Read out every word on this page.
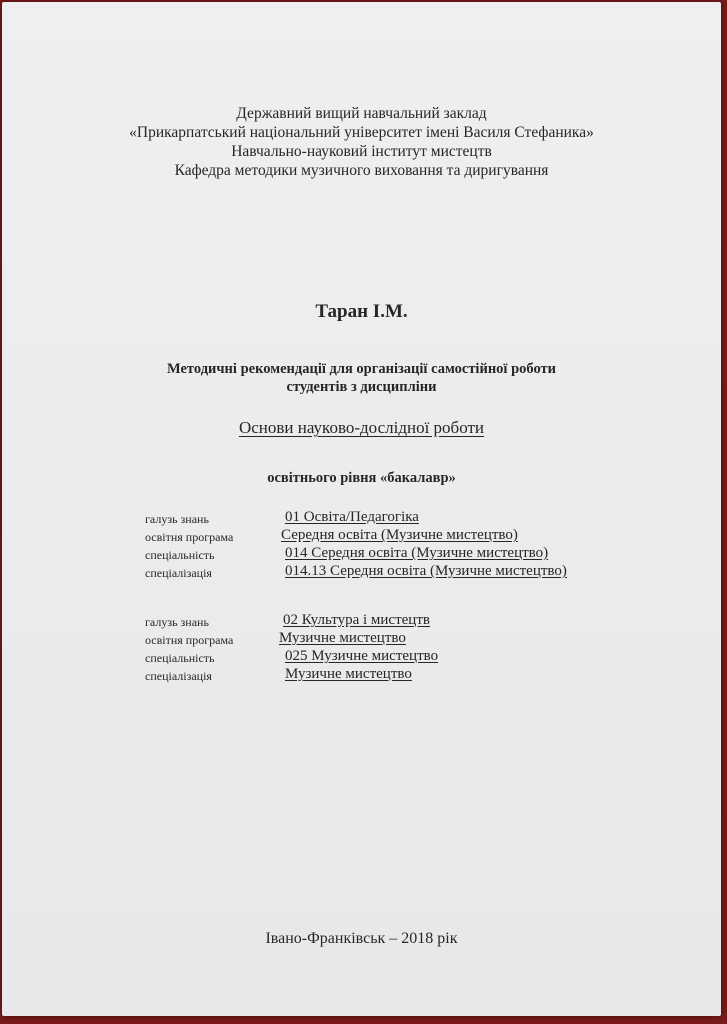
Державний вищий навчальний заклад
«Прикарпатський національний університет імені Василя Стефаника»
Навчально-науковий інститут мистецтв
Кафедра методики музичного виховання та диригування
Таран І.М.
Методичні рекомендації для організації самостійної роботи
студентів з дисципліни
Основи науково-дослідної роботи
освітнього рівня «бакалавр»
галузь знань	01 Освіта/Педагогіка
освітня програма	Середня освіта (Музичне мистецтво)
спеціальність	014 Середня освіта (Музичне мистецтво)
спеціалізація	014.13 Середня освіта (Музичне мистецтво)
галузь знань	02 Культура і мистецтв
освітня програма	Музичне мистецтво
спеціальність	025 Музичне мистецтво
спеціалізація	Музичне мистецтво
Івано-Франківськ – 2018 рік
